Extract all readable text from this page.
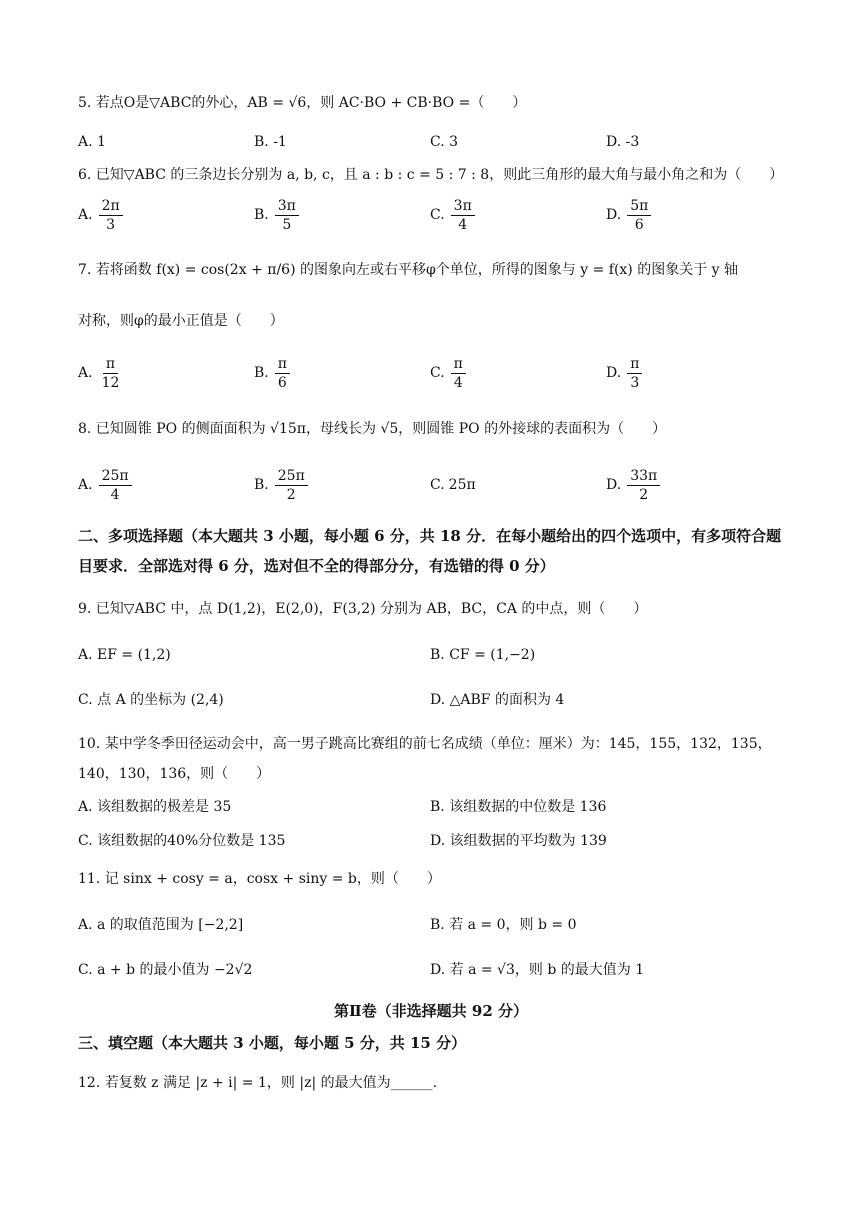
5. 若点O是▽ABC的外心，AB = √6，则 AC·BO + CB·BO =（　　）
A. 1	B. -1	C. 3	D. -3
6. 已知▽ABC 的三条边长分别为 a, b, c，且 a : b : c = 5 : 7 : 8，则此三角形的最大角与最小角之和为（　　）
A. $\frac{2\pi}{3}$	B. $\frac{3\pi}{5}$	C. $\frac{3\pi}{4}$	D. $\frac{5\pi}{6}$
7. 若将函数 f(x) = cos(2x + π/6) 的图象向左或右平移φ个单位，所得的图象与 y = f(x) 的图象关于 y 轴
对称，则φ的最小正值是（　　）
A. $\frac{\pi}{12}$	B. $\frac{\pi}{6}$	C. $\frac{\pi}{4}$	D. $\frac{\pi}{3}$
8. 已知圆锥 PO 的侧面面积为 √15π，母线长为 √5，则圆锥 PO 的外接球的表面积为（　　）
A. $\frac{25\pi}{4}$	B. $\frac{25\pi}{2}$	C. 25π	D. $\frac{33\pi}{2}$
二、多项选择题（本大题共 3 小题，每小题 6 分，共 18 分．在每小题给出的四个选项中，有多项符合题目要求．全部选对得 6 分，选对但不全的得部分分，有选错的得 0 分）
9. 已知▽ABC 中，点 D(1,2)，E(2,0)，F(3,2) 分别为 AB，BC，CA 的中点，则（　　）
A. EF = (1,2)	B. CF = (1,−2)
C. 点 A 的坐标为 (2,4)	D. △ABF 的面积为 4
10. 某中学冬季田径运动会中，高一男子跳高比赛组的前七名成绩（单位：厘米）为：145，155，132，135，
140，130，136，则（　　）
A. 该组数据的极差是 35	B. 该组数据的中位数是 136
C. 该组数据的40%分位数是 135	D. 该组数据的平均数为 139
11. 记 sinx + cosy = a，cosx + siny = b，则（　　）
A. a 的取值范围为 [−2,2]	B. 若 a = 0，则 b = 0
C. a + b 的最小值为 −2√2	D. 若 a = √3，则 b 的最大值为 1
第Ⅱ卷（非选择题共 92 分）
三、填空题（本大题共 3 小题，每小题 5 分，共 15 分）
12. 若复数 z 满足 |z + i| = 1，则 |z| 的最大值为______.
